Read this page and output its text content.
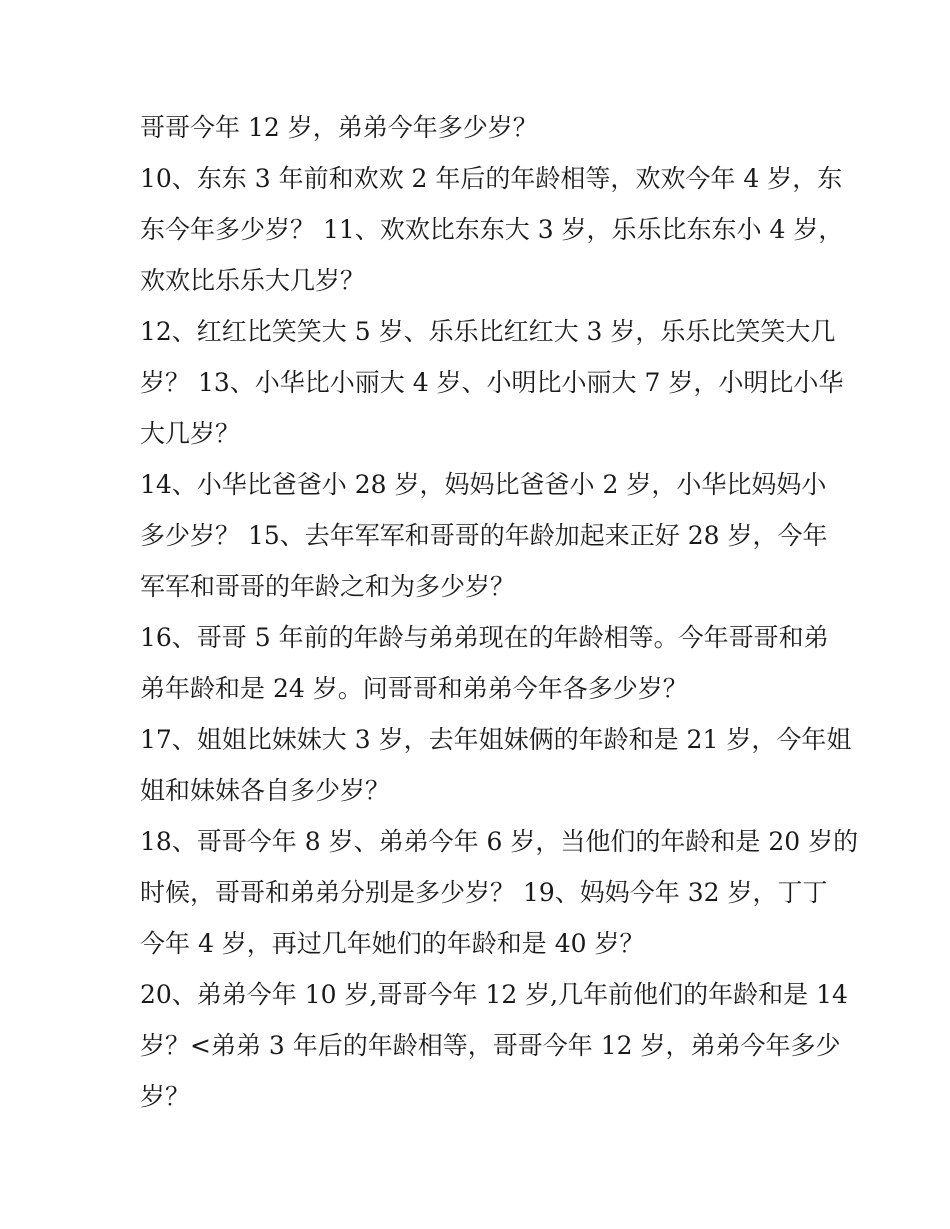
哥哥今年 12 岁，弟弟今年多少岁？
10、东东 3 年前和欢欢 2 年后的年龄相等，欢欢今年 4 岁，东
东今年多少岁？ 11、欢欢比东东大 3 岁，乐乐比东东小 4 岁，
欢欢比乐乐大几岁？
12、红红比笑笑大 5 岁、乐乐比红红大 3 岁，乐乐比笑笑大几
岁？ 13、小华比小丽大 4 岁、小明比小丽大 7 岁，小明比小华
大几岁？
14、小华比爸爸小 28 岁，妈妈比爸爸小 2 岁，小华比妈妈小
多少岁？ 15、去年军军和哥哥的年龄加起来正好 28 岁，今年
军军和哥哥的年龄之和为多少岁？
16、哥哥 5 年前的年龄与弟弟现在的年龄相等。今年哥哥和弟
弟年龄和是 24 岁。问哥哥和弟弟今年各多少岁？
17、姐姐比妹妹大 3 岁，去年姐妹俩的年龄和是 21 岁，今年姐
姐和妹妹各自多少岁？
18、哥哥今年 8 岁、弟弟今年 6 岁，当他们的年龄和是 20 岁的
时候，哥哥和弟弟分别是多少岁？ 19、妈妈今年 32 岁，丁丁
今年 4 岁，再过几年她们的年龄和是 40 岁？
20、弟弟今年 10 岁,哥哥今年 12 岁,几年前他们的年龄和是 14
岁？<弟弟 3 年后的年龄相等，哥哥今年 12 岁，弟弟今年多少
岁？
